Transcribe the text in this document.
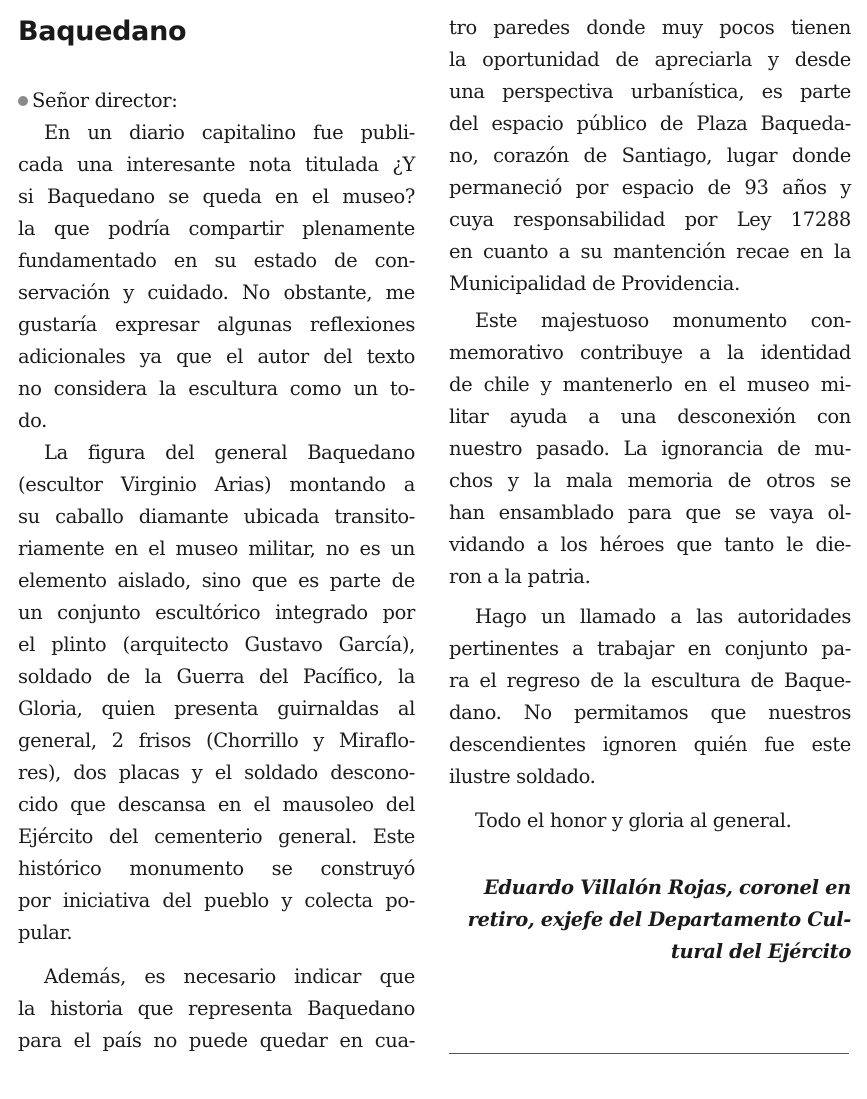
Baquedano
Señor director:
En un diario capitalino fue publi-
cada una interesante nota titulada ¿Y
si Baquedano se queda en el museo?
la que podría compartir plenamente
fundamentado en su estado de con-
servación y cuidado. No obstante, me
gustaría expresar algunas reflexiones
adicionales ya que el autor del texto
no considera la escultura como un to-
do.
La figura del general Baquedano
(escultor Virginio Arias) montando a
su caballo diamante ubicada transito-
riamente en el museo militar, no es un
elemento aislado, sino que es parte de
un conjunto escultórico integrado por
el plinto (arquitecto Gustavo García),
soldado de la Guerra del Pacífico, la
Gloria, quien presenta guirnaldas al
general, 2 frisos (Chorrillo y Miraflo-
res), dos placas y el soldado descono-
cido que descansa en el mausoleo del
Ejército del cementerio general. Este
histórico monumento se construyó
por iniciativa del pueblo y colecta po-
pular.
Además, es necesario indicar que
la historia que representa Baquedano
para el país no puede quedar en cua-
tro paredes donde muy pocos tienen
la oportunidad de apreciarla y desde
una perspectiva urbanística, es parte
del espacio público de Plaza Baqueda-
no, corazón de Santiago, lugar donde
permaneció por espacio de 93 años y
cuya responsabilidad por Ley 17288
en cuanto a su mantención recae en la
Municipalidad de Providencia.
Este majestuoso monumento con-
memorativo contribuye a la identidad
de chile y mantenerlo en el museo mi-
litar ayuda a una desconexión con
nuestro pasado. La ignorancia de mu-
chos y la mala memoria de otros se
han ensamblado para que se vaya ol-
vidando a los héroes que tanto le die-
ron a la patria.
Hago un llamado a las autoridades
pertinentes a trabajar en conjunto pa-
ra el regreso de la escultura de Baque-
dano. No permitamos que nuestros
descendientes ignoren quién fue este
ilustre soldado.
Todo el honor y gloria al general.
Eduardo Villalón Rojas, coronel en
retiro, exjefe del Departamento Cul-
tural del Ejército
